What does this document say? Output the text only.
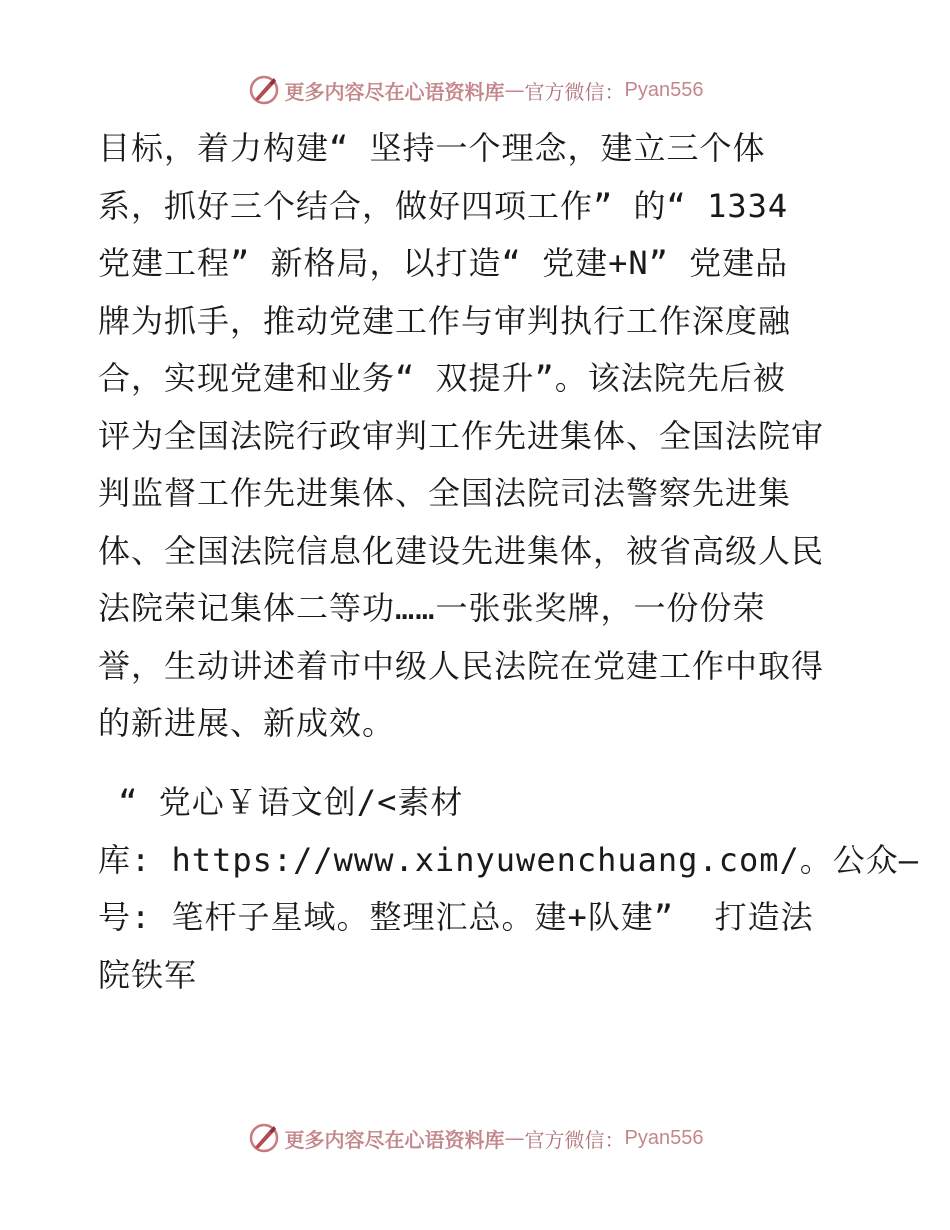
更多内容尽在心语资料库 — 官方微信： Pyan556
目标，着力构建“ 坚持一个理念，建立三个体
系，抓好三个结合，做好四项工作” 的“ 1334
党建工程” 新格局，以打造“ 党建+N” 党建品
牌为抓手，推动党建工作与审判执行工作深度融
合，实现党建和业务“ 双提升”。该法院先后被
评为全国法院行政审判工作先进集体、全国法院审
判监督工作先进集体、全国法院司法警察先进集
体、全国法院信息化建设先进集体，被省高级人民
法院荣记集体二等功……一张张奖牌，一份份荣
誉，生动讲述着市中级人民法院在党建工作中取得
的新进展、新成效。
“ 党心￥语文创/<素材
库: https://www.xinyuwenchuang.com/。公众—
号: 笔杆子星域。整理汇总。建+队建”  打造法
院铁军
更多内容尽在心语资料库 — 官方微信： Pyan556
